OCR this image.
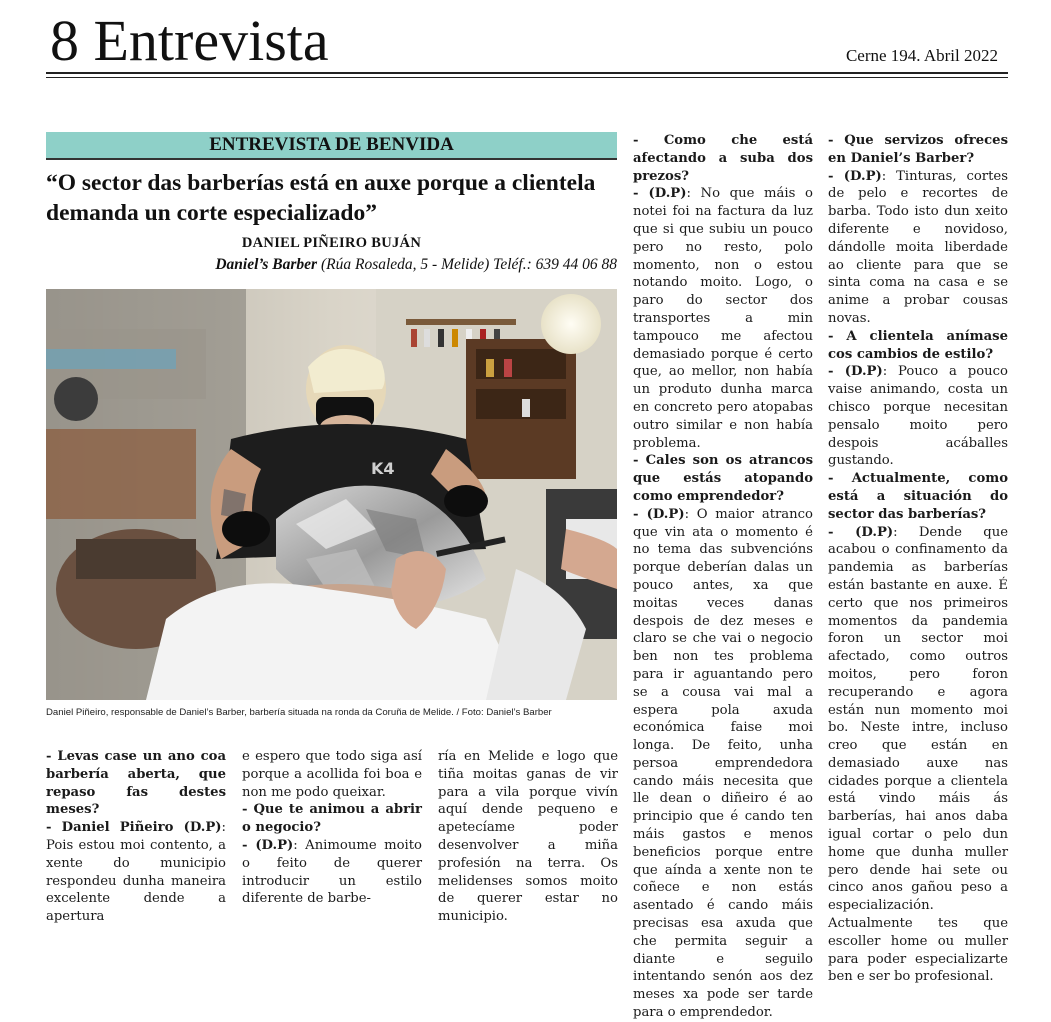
8 Entrevista	Cerne 194. Abril 2022
ENTREVISTA DE BENVIDA
“O sector das barberías está en auxe porque a clientela demanda un corte especializado”
DANIEL PIÑEIRO BUJÁN
Daniel’s Barber (Rúa Rosaleda, 5 - Melide) Teléf.: 639 44 06 88
K4
Daniel Piñeiro, responsable de Daniel’s Barber, barbería situada na ronda da Coruña de Melide. / Foto: Daniel’s Barber

- Levas case un ano coa barbería aberta, que repaso fas destes meses?
- Daniel Piñeiro (D.P): Pois estou moi contento, a xente do municipio respondeu dunha maneira excelente dende a apertura

e espero que todo siga así porque a acollida foi boa e non me podo queixar.
- Que te animou a abrir o negocio?
- (D.P): Animoume moito o feito de querer introducir un estilo diferente de barbe-

ría en Melide e logo que tiña moitas ganas de vir para a vila porque vivín aquí dende pequeno e apetecíame poder desenvolver a miña profesión na terra. Os melidenses somos moito de querer estar no municipio.

- Como che está afectando a suba dos prezos?
- (D.P): No que máis o notei foi na factura da luz que si que subiu un pouco pero no resto, polo momento, non o estou notando moito. Logo, o paro do sector dos transportes a min tampouco me afectou demasiado porque é certo que, ao mellor, non había un produto dunha marca en concreto pero atopabas outro similar e non había problema.
- Cales son os atrancos que estás atopando como emprendedor?
- (D.P): O maior atranco que vin ata o momento é no tema das subvencións porque deberían dalas un pouco antes, xa que moitas veces danas despois de dez meses e claro se che vai o negocio ben non tes problema para ir aguantando pero se a cousa vai mal a espera pola axuda económica faise moi longa. De feito, unha persoa emprendedora cando máis necesita que lle dean o diñeiro é ao principio que é cando ten máis gastos e menos beneficios porque entre que aínda a xente non te coñece e non estás asentado é cando máis precisas esa axuda que che permita seguir a diante e seguilo intentando senón aos dez meses xa pode ser tarde para o emprendedor.

- Que servizos ofreces en Daniel’s Barber?
- (D.P): Tinturas, cortes de pelo e recortes de barba. Todo isto dun xeito diferente e novidoso, dándolle moita liberdade ao cliente para que se sinta coma na casa e se anime a probar cousas novas.
- A clientela anímase cos cambios de estilo?
- (D.P): Pouco a pouco vaise animando, costa un chisco porque necesitan pensalo moito pero despois acáballes gustando.
- Actualmente, como está a situación do sector das barberías?
- (D.P): Dende que acabou o confinamento da pandemia as barberías están bastante en auxe. É certo que nos primeiros momentos da pandemia foron un sector moi afectado, como outros moitos, pero foron recuperando e agora están nun momento moi bo. Neste intre, incluso creo que están en demasiado auxe nas cidades porque a clientela está vindo máis ás barberías, hai anos daba igual cortar o pelo dun home que dunha muller pero dende hai sete ou cinco anos gañou peso a especialización. Actualmente tes que escoller home ou muller para poder especializarte ben e ser bo profesional.
